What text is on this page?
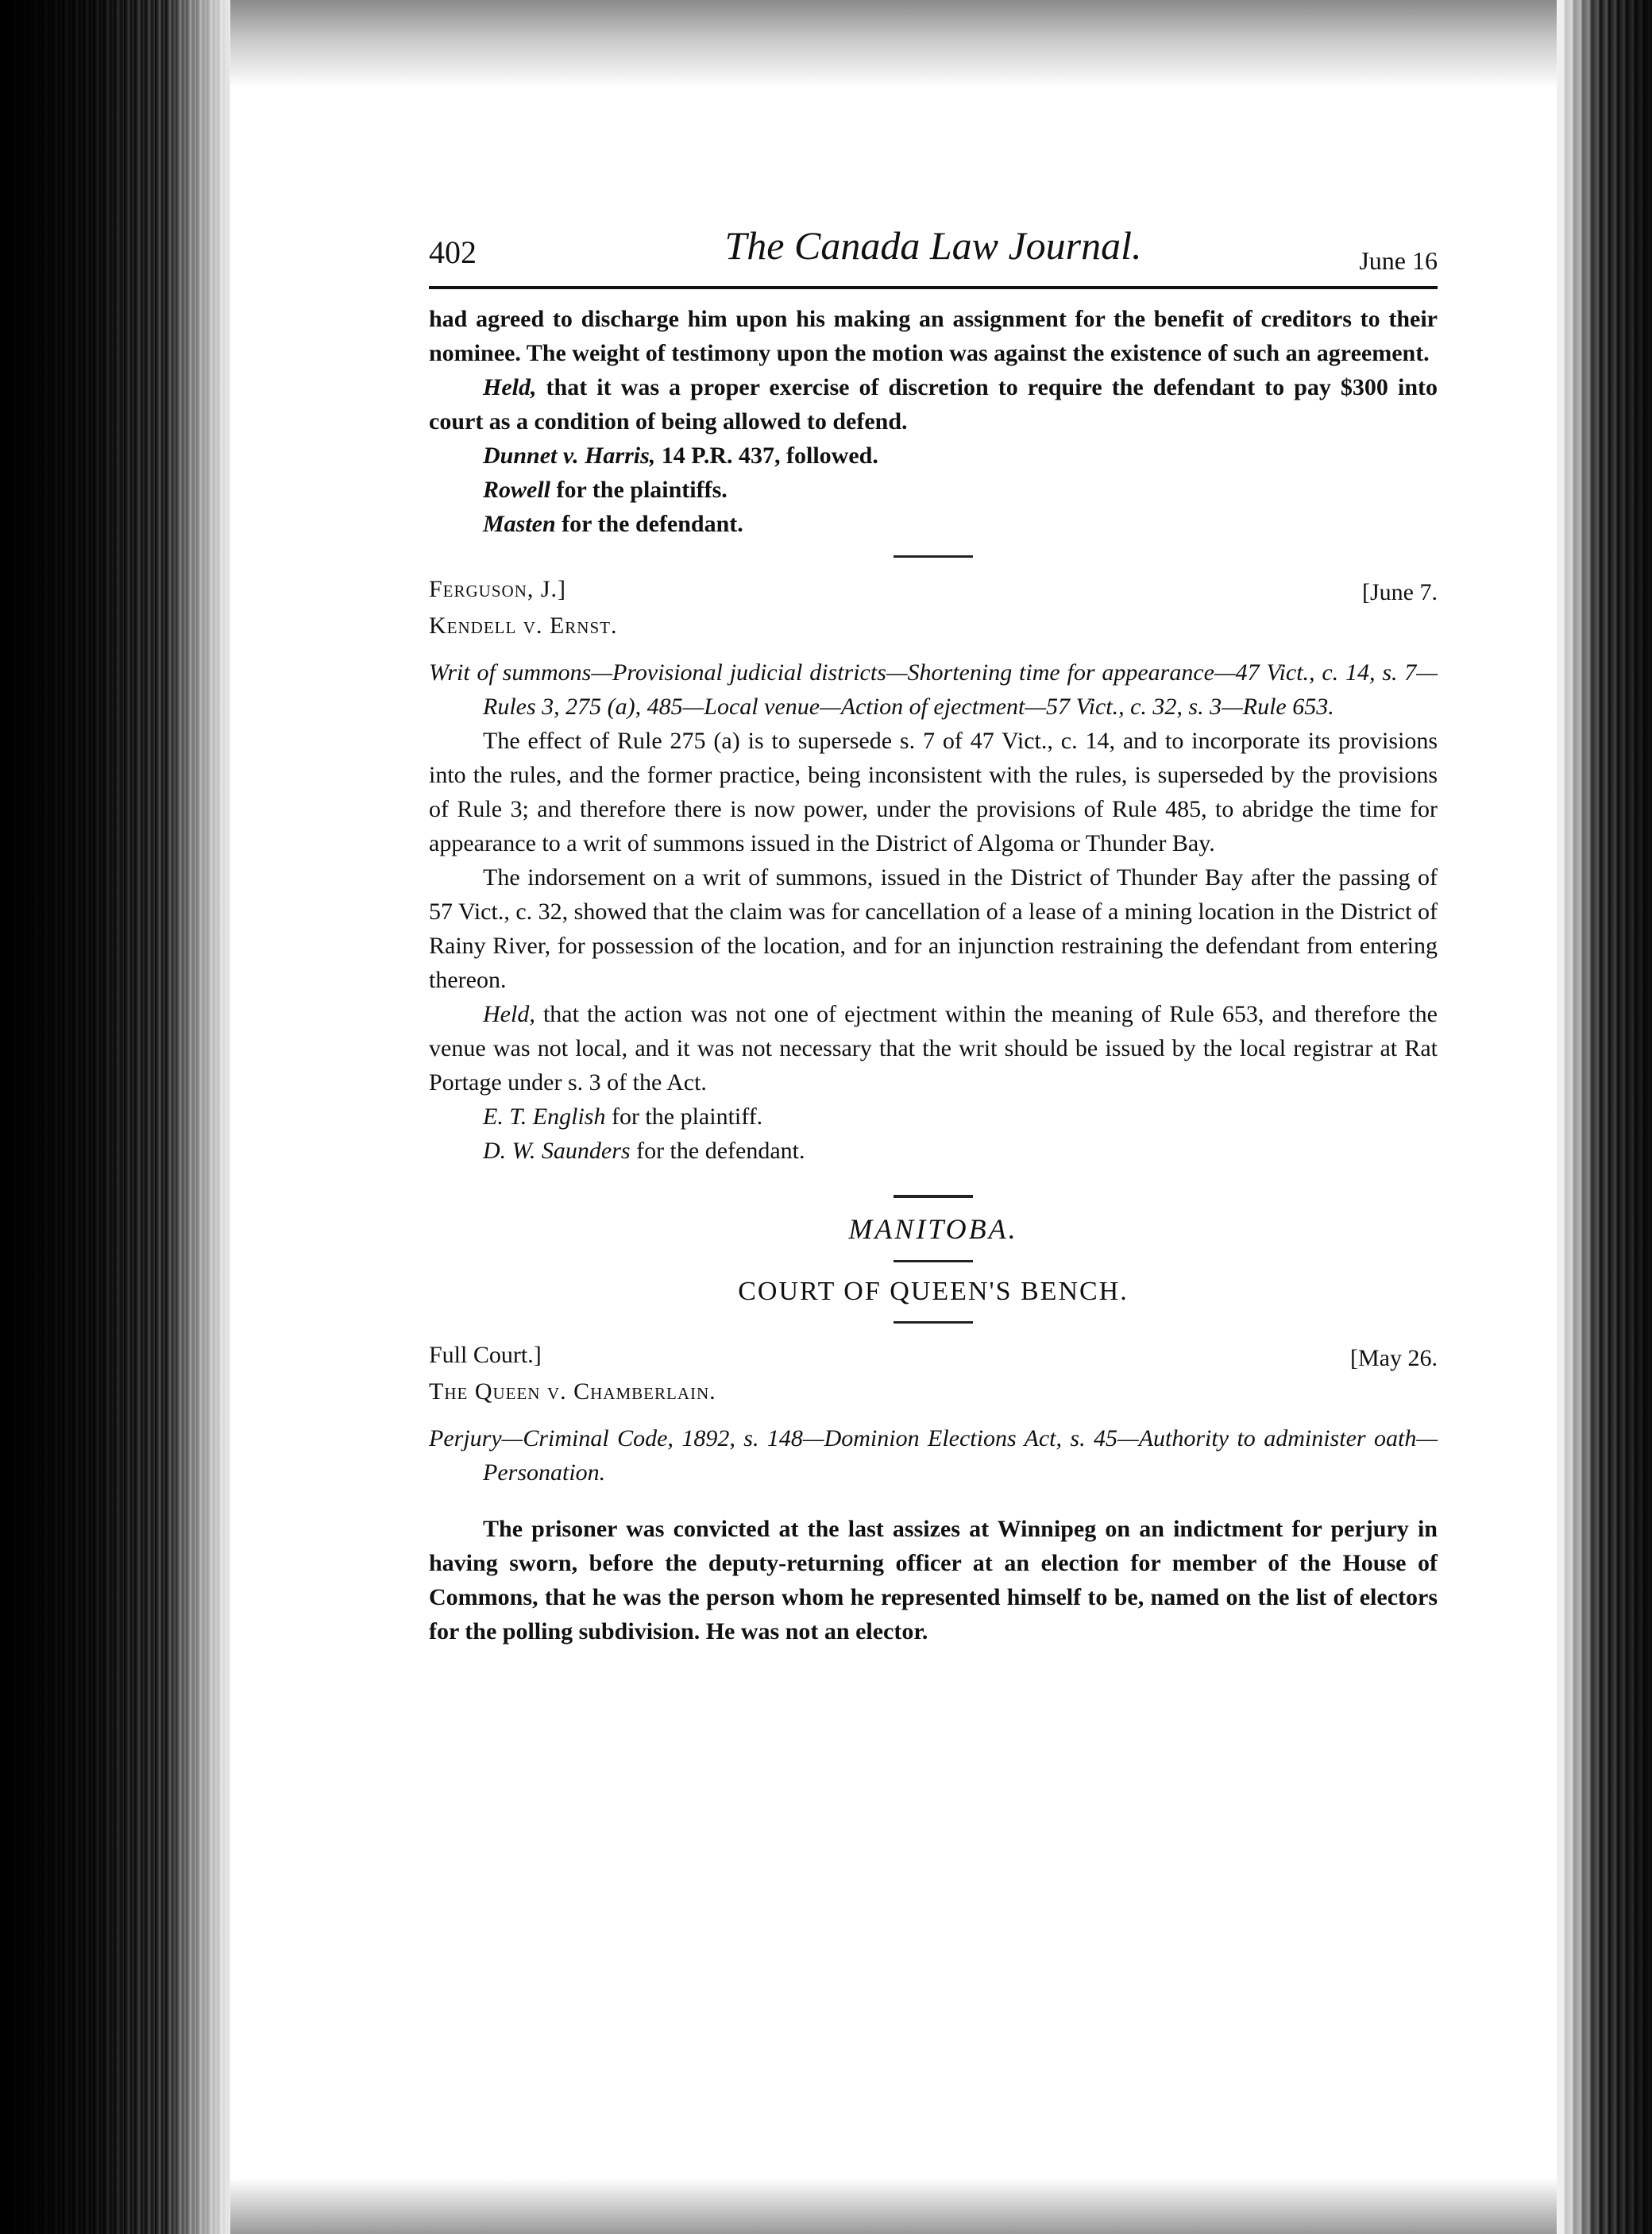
402	The Canada Law Journal.	June 16

had agreed to discharge him upon his making an assignment for the benefit of creditors to their nominee. The weight of testimony upon the motion was against the existence of such an agreement.

Held, that it was a proper exercise of discretion to require the defendant to pay $300 into court as a condition of being allowed to defend.

Dunnet v. Harris, 14 P.R. 437, followed.

Rowell for the plaintiffs.

Masten for the defendant.

Ferguson, J.]	[June 7.

Kendell v. Ernst.

Writ of summons—Provisional judicial districts—Shortening time for appearance—47 Vict., c. 14, s. 7—Rules 3, 275 (a), 485—Local venue—Action of ejectment—57 Vict., c. 32, s. 3—Rule 653.

The effect of Rule 275 (a) is to supersede s. 7 of 47 Vict., c. 14, and to incorporate its provisions into the rules, and the former practice, being inconsistent with the rules, is superseded by the provisions of Rule 3; and therefore there is now power, under the provisions of Rule 485, to abridge the time for appearance to a writ of summons issued in the District of Algoma or Thunder Bay.

The indorsement on a writ of summons, issued in the District of Thunder Bay after the passing of 57 Vict., c. 32, showed that the claim was for cancellation of a lease of a mining location in the District of Rainy River, for possession of the location, and for an injunction restraining the defendant from entering thereon.

Held, that the action was not one of ejectment within the meaning of Rule 653, and therefore the venue was not local, and it was not necessary that the writ should be issued by the local registrar at Rat Portage under s. 3 of the Act.

E. T. English for the plaintiff.

D. W. Saunders for the defendant.

MANITOBA.
COURT OF QUEEN'S BENCH.
Full Court.]	[May 26.

The Queen v. Chamberlain.

Perjury—Criminal Code, 1892, s. 148—Dominion Elections Act, s. 45—Authority to administer oath—Personation.

The prisoner was convicted at the last assizes at Winnipeg on an indictment for perjury in having sworn, before the deputy-returning officer at an election for member of the House of Commons, that he was the person whom he represented himself to be, named on the list of electors for the polling subdivision. He was not an elector.
